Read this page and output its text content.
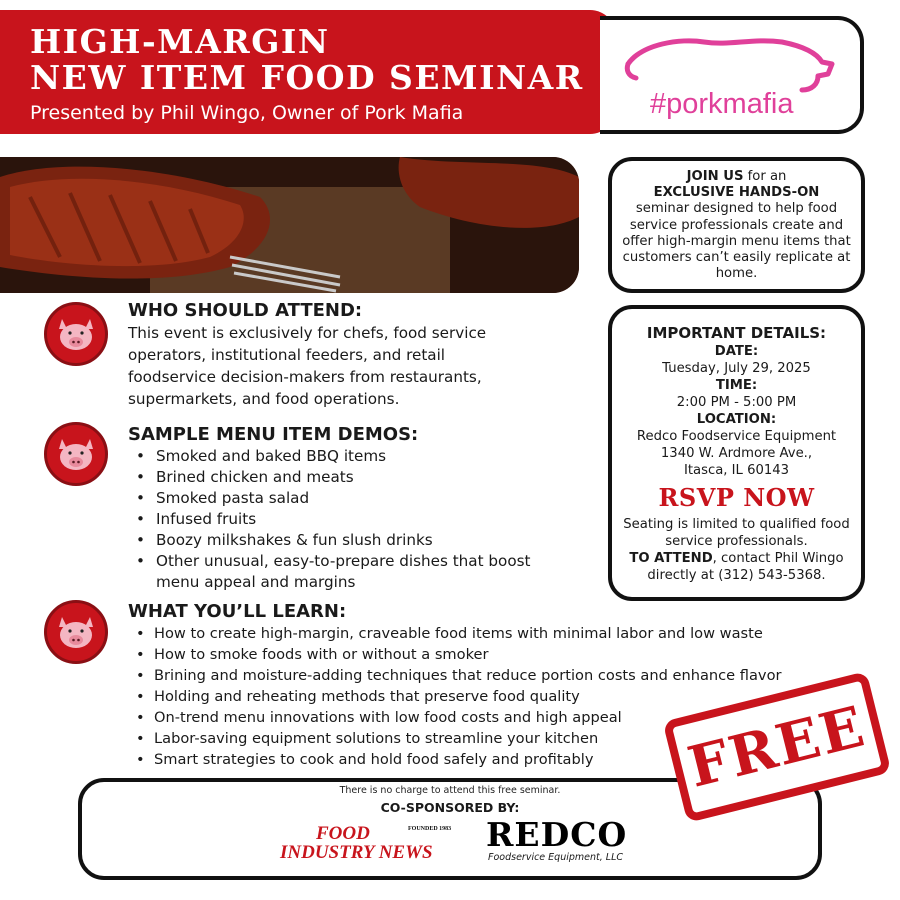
HIGH-MARGIN
NEW ITEM FOOD SEMINAR
Presented by Phil Wingo, Owner of Pork Mafia	#porkmafia
JOIN US for an
EXCLUSIVE HANDS-ON
seminar designed to help food service professionals create and offer high-margin menu items that customers can’t easily replicate at home.
IMPORTANT DETAILS:
DATE:
Tuesday, July 29, 2025
TIME:
2:00 PM - 5:00 PM
LOCATION:
Redco Foodservice Equipment
1340 W. Ardmore Ave.,
Itasca, IL 60143
RSVP NOW
Seating is limited to qualified food service professionals.
TO ATTEND, contact Phil Wingo directly at (312) 543-5368.
WHO SHOULD ATTEND:

This event is exclusively for chefs, food service operators, institutional feeders, and retail foodservice decision-makers from restaurants, supermarkets, and food operations.

SAMPLE MENU ITEM DEMOS:
• Smoked and baked BBQ items
• Brined chicken and meats
• Smoked pasta salad
• Infused fruits
• Boozy milkshakes & fun slush drinks
• Other unusual, easy-to-prepare dishes that boost menu appeal and margins
WHAT YOU’LL LEARN:
• How to create high-margin, craveable food items with minimal labor and low waste
• How to smoke foods with or without a smoker
• Brining and moisture-adding techniques that reduce portion costs and enhance flavor
• Holding and reheating methods that preserve food quality
• On-trend menu innovations with low food costs and high appeal
• Labor-saving equipment solutions to streamline your kitchen
• Smart strategies to cook and hold food safely and profitably
There is no charge to attend this free seminar.
CO-SPONSORED BY:
FOOD
INDUSTRY NEWS
FOUNDED 1983 REDCO
Foodservice Equipment, LLC
FREE
